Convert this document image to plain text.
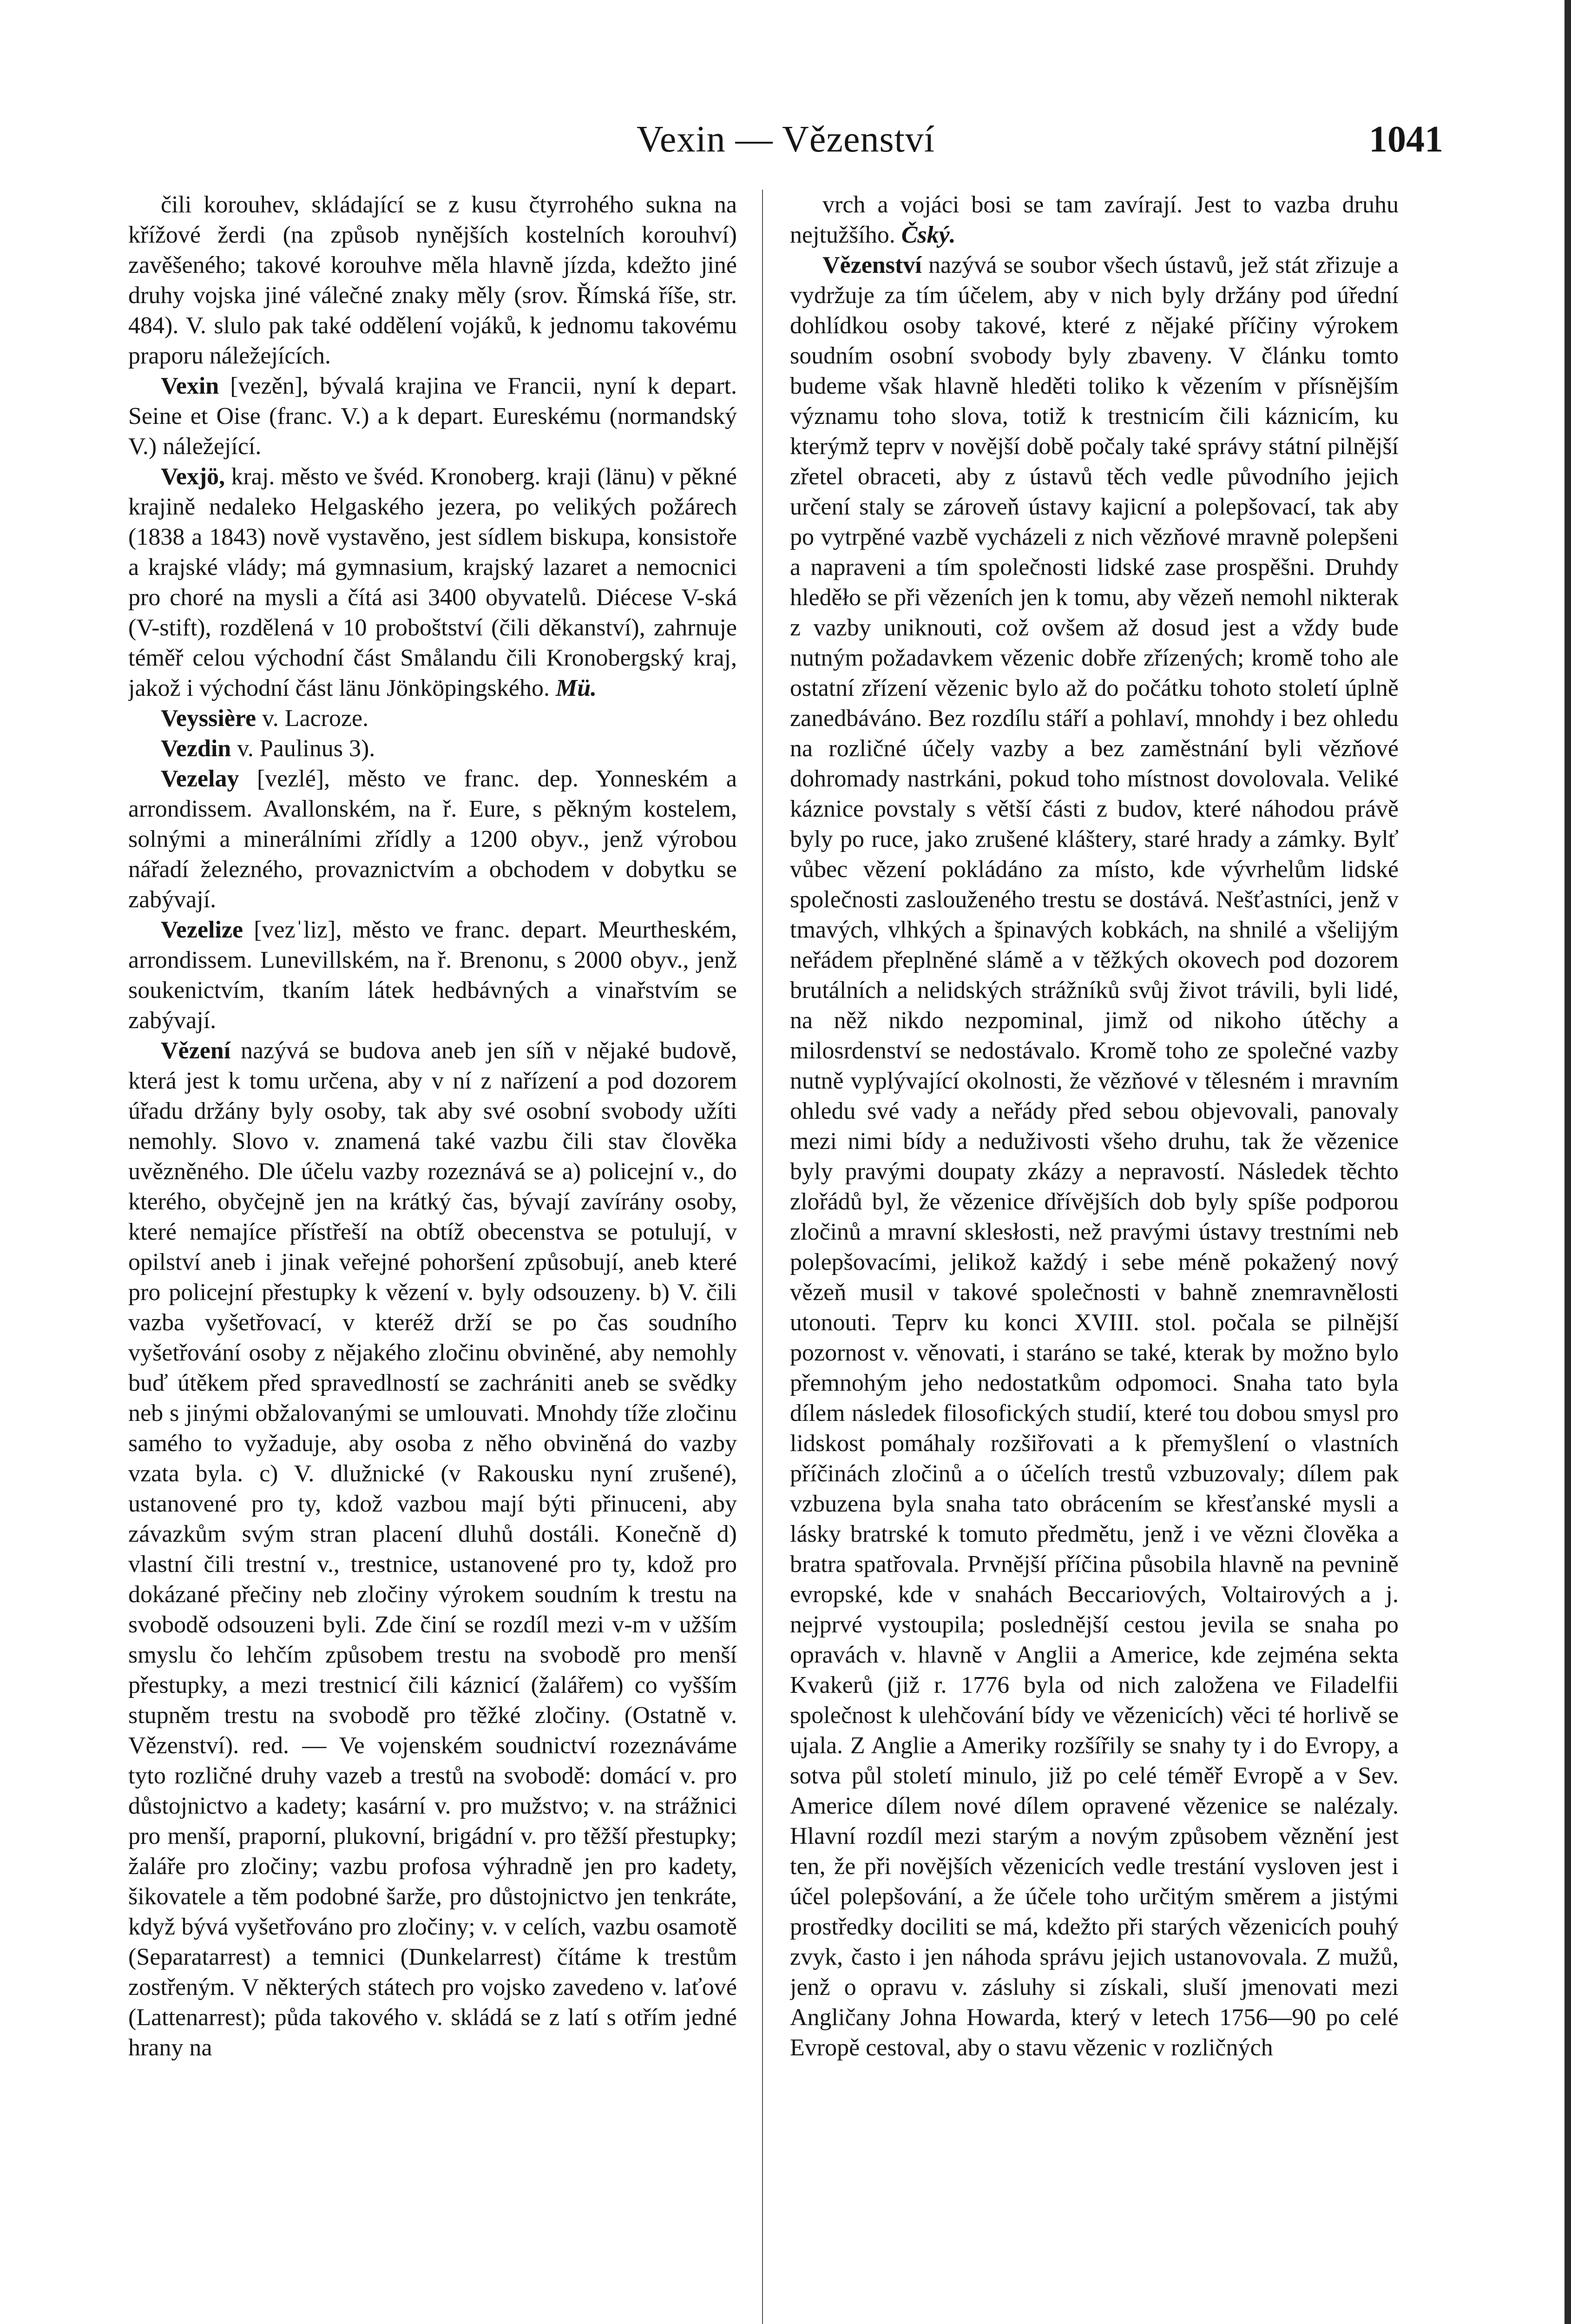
Vexin — Vězenství	1041

čili korouhev, skládající se z kusu čtyrrohého sukna na křížové žerdi (na způsob nynějších kostelních korouhví) zavěšeného; takové korouhve měla hlavně jízda, kdežto jiné druhy vojska jiné válečné znaky měly (srov. Římská říše, str. 484). V. slulo pak také oddělení vojáků, k jednomu takovému praporu náležejících.

Vexin [vezěn], bývalá krajina ve Francii, nyní k depart. Seine et Oise (franc. V.) a k depart. Eureskému (normandský V.) náležející.

Vexjö, kraj. město ve švéd. Kronoberg. kraji (länu) v pěkné krajině nedaleko Helgaského jezera, po velikých požárech (1838 a 1843) nově vystavěno, jest sídlem biskupa, konsistoře a krajské vlády; má gymnasium, krajský lazaret a nemocnici pro choré na mysli a čítá asi 3400 obyvatelů. Diécese V-ská (V-stift), rozdělená v 10 proboštství (čili děkanství), zahrnuje téměř celou východní část Smålandu čili Kronobergský kraj, jakož i východní část länu Jönköpingského. Mü.

Veyssière v. Lacroze.

Vezdin v. Paulinus 3).

Vezelay [vezlé], město ve franc. dep. Yonneském a arrondissem. Avallonském, na ř. Eure, s pěkným kostelem, solnými a minerálními zřídly a 1200 obyv., jenž výrobou nářadí železného, provaznictvím a obchodem v dobytku se zabývají.

Vezelize [vezˈliz], město ve franc. depart. Meurtheském, arrondissem. Lunevillském, na ř. Brenonu, s 2000 obyv., jenž soukenictvím, tkaním látek hedbávných a vinařstvím se zabývají.

Vězení nazývá se budova aneb jen síň v nějaké budově, která jest k tomu určena, aby v ní z nařízení a pod dozorem úřadu držány byly osoby, tak aby své osobní svobody užíti nemohly. Slovo v. znamená také vazbu čili stav člověka uvězněného. Dle účelu vazby rozeznává se a) policejní v., do kterého, obyčejně jen na krátký čas, bývají zavírány osoby, které nemajíce přístřeší na obtíž obecenstva se potulují, v opilství aneb i jinak veřejné pohoršení způsobují, aneb které pro policejní přestupky k vězení v. byly odsouzeny. b) V. čili vazba vyšetřovací, v kteréž drží se po čas soudního vyšetřování osoby z nějakého zločinu obviněné, aby nemohly buď útěkem před spravedlností se zachrániti aneb se svědky neb s jinými obžalovanými se umlouvati. Mnohdy tíže zločinu samého to vyžaduje, aby osoba z něho obviněná do vazby vzata byla. c) V. dlužnické (v Rakousku nyní zrušené), ustanovené pro ty, kdož vazbou mají býti přinuceni, aby závazkům svým stran placení dluhů dostáli. Konečně d) vlastní čili trestní v., trestnice, ustanovené pro ty, kdož pro dokázané přečiny neb zločiny výrokem soudním k trestu na svobodě odsouzeni byli. Zde činí se rozdíl mezi v-m v užším smyslu čo lehčím způsobem trestu na svobodě pro menší přestupky, a mezi trestnicí čili káznicí (žalářem) co vyšším stupněm trestu na svobodě pro těžké zločiny. (Ostatně v. Vězenství). red. — Ve vojenském soudnictví rozeznáváme tyto rozličné druhy vazeb a trestů na svobodě: domácí v. pro důstojnictvo a kadety; kasární v. pro mužstvo; v. na strážnici pro menší, praporní, plukovní, brigádní v. pro těžší přestupky; žaláře pro zločiny; vazbu profosa výhradně jen pro kadety, šikovatele a těm podobné šarže, pro důstojnictvo jen tenkráte, když bývá vyšetřováno pro zločiny; v. v celích, vazbu osamotě (Separatarrest) a temnici (Dunkelarrest) čítáme k trestům zostřeným. V některých státech pro vojsko zavedeno v. laťové (Lattenarrest); půda takového v. skládá se z latí s otřím jedné hrany na

vrch a vojáci bosi se tam zavírají. Jest to vazba druhu nejtužšího. Čský.

Vězenství nazývá se soubor všech ústavů, jež stát zřizuje a vydržuje za tím účelem, aby v nich byly držány pod úřední dohlídkou osoby takové, které z nějaké příčiny výrokem soudním osobní svobody byly zbaveny. V článku tomto budeme však hlavně hleděti toliko k vězením v přísnějším významu toho slova, totiž k trestnicím čili káznicím, ku kterýmž teprv v novější době počaly také správy státní pilnější zřetel obraceti, aby z ústavů těch vedle původního jejich určení staly se zároveň ústavy kajicní a polepšovací, tak aby po vytrpěné vazbě vycházeli z nich vězňové mravně polepšeni a napraveni a tím společnosti lidské zase prospěšni. Druhdy hleděło se při vězeních jen k tomu, aby vězeň nemohl nikterak z vazby uniknouti, což ovšem až dosud jest a vždy bude nutným požadavkem vězenic dobře zřízených; kromě toho ale ostatní zřízení vězenic bylo až do počátku tohoto století úplně zanedbáváno. Bez rozdílu stáří a pohlaví, mnohdy i bez ohledu na rozličné účely vazby a bez zaměstnání byli vězňové dohromady nastrkáni, pokud toho místnost dovolovala. Veliké káznice povstaly s větší části z budov, které náhodou právě byly po ruce, jako zrušené kláštery, staré hrady a zámky. Bylť vůbec vězení pokládáno za místo, kde vývrhelům lidské společnosti zaslouženého trestu se dostává. Nešťastníci, jenž v tmavých, vlhkých a špinavých kobkách, na shnilé a všelijým neřádem přeplněné slámě a v těžkých okovech pod dozorem brutálních a nelidských strážníků svůj život trávili, byli lidé, na něž nikdo nezpominal, jimž od nikoho útěchy a milosrdenství se nedostávalo. Kromě toho ze společné vazby nutně vyplývající okolnosti, že vězňové v tělesném i mravním ohledu své vady a neřády před sebou objevovali, panovaly mezi nimi bídy a neduživosti všeho druhu, tak že vězenice byly pravými doupaty zkázy a nepravostí. Následek těchto zlořádů byl, že vězenice dřívějších dob byly spíše podporou zločinů a mravní sklesłosti, než pravými ústavy trestními neb polepšovacími, jelikož každý i sebe méně pokažený nový vězeň musil v takové společnosti v bahně znemravnělosti utonouti. Teprv ku konci XVIII. stol. počala se pilnější pozornost v. věnovati, i staráno se také, kterak by možno bylo přemnohým jeho nedostatkům odpomoci. Snaha tato byla dílem následek filosofických studií, které tou dobou smysl pro lidskost pomáhaly rozšiřovati a k přemyšlení o vlastních příčinách zločinů a o účelích trestů vzbuzovaly; dílem pak vzbuzena byla snaha tato obrácením se křesťanské mysli a lásky bratrské k tomuto předmětu, jenž i ve vězni člověka a bratra spatřovala. Prvnější příčina působila hlavně na pevnině evropské, kde v snahách Beccariových, Voltairových a j. nejprvé vystoupila; poslednější cestou jevila se snaha po opravách v. hlavně v Anglii a Americe, kde zejména sekta Kvakerů (již r. 1776 byla od nich založena ve Filadelfii společnost k ulehčování bídy ve vězenicích) věci té horlivě se ujala. Z Anglie a Ameriky rozšířily se snahy ty i do Evropy, a sotva půl století minulo, již po celé téměř Evropě a v Sev. Americe dílem nové dílem opravené vězenice se nalézaly. Hlavní rozdíl mezi starým a novým způsobem věznění jest ten, že při novějších vězenicích vedle trestání vysloven jest i účel polepšování, a že účele toho určitým směrem a jistými prostředky dociliti se má, kdežto při starých vězenicích pouhý zvyk, často i jen náhoda správu jejich ustanovovala. Z mužů, jenž o opravu v. zásluhy si získali, sluší jmenovati mezi Angličany Johna Howarda, který v letech 1756—90 po celé Evropě cestoval, aby o stavu vězenic v rozličných
